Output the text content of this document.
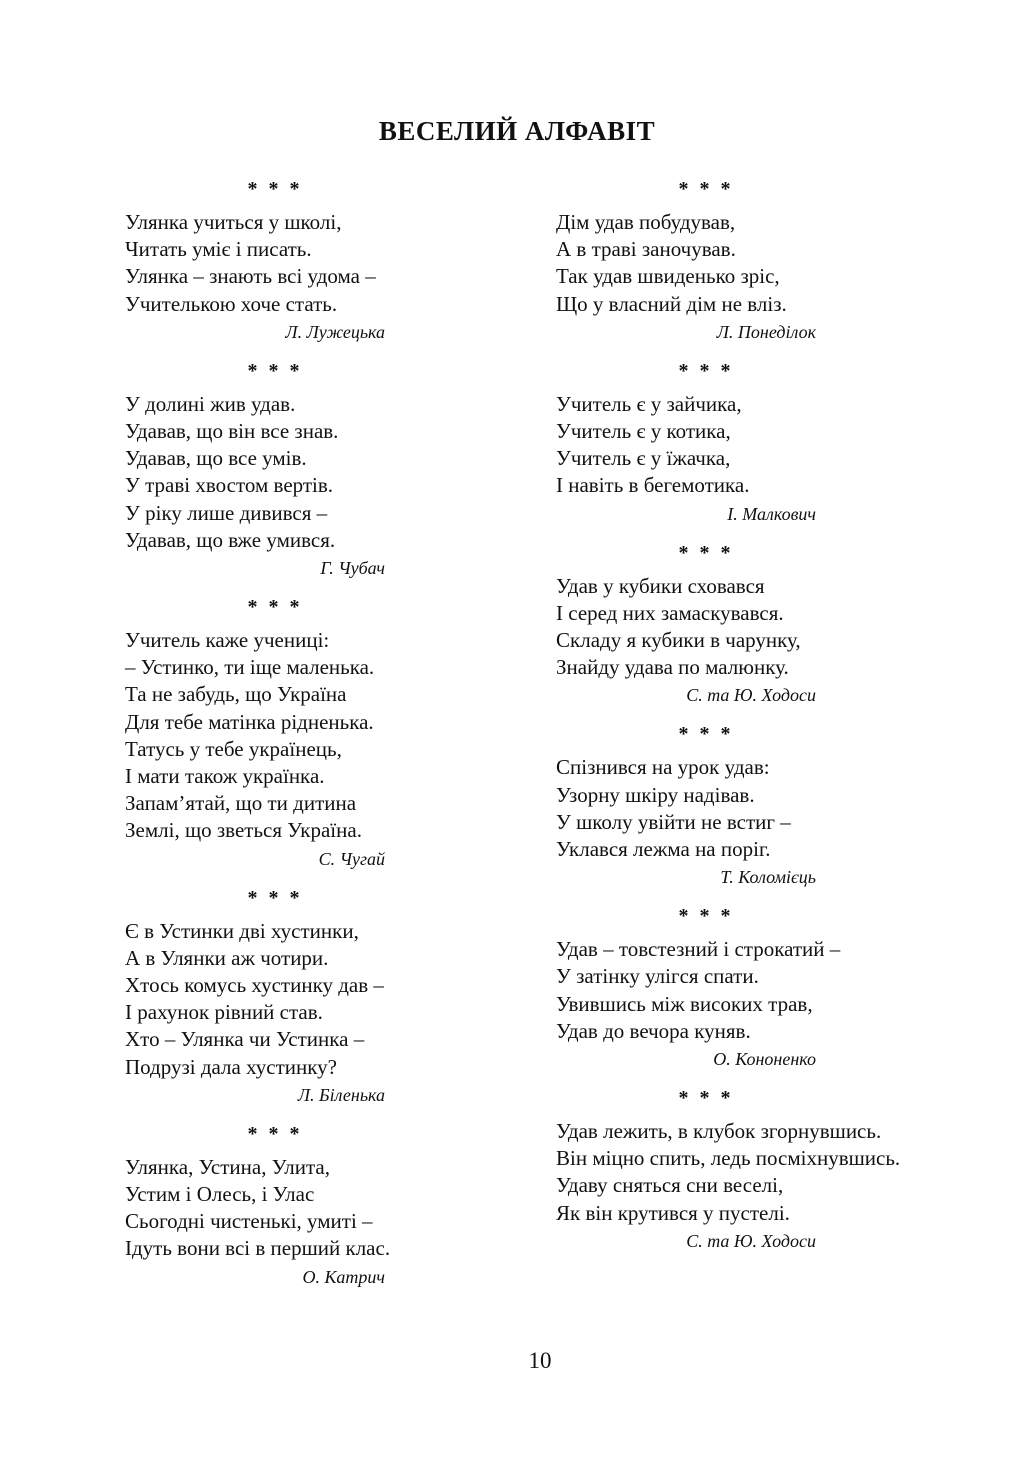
ВЕСЕЛИЙ АЛФАВІТ
* * *
Улянка учиться у школі,
Читать уміє і писать.
Улянка – знають всі удома –
Учителькою хоче стать.
Л. Лужецька
* * *
У долині жив удав.
Удавав, що він все знав.
Удавав, що все умів.
У траві хвостом вертів.
У ріку лише дивився –
Удавав, що вже умився.
Г. Чубач
* * *
Учитель каже учениці:
– Устинко, ти іще маленька.
Та не забудь, що Україна
Для тебе матінка рідненька.
Татусь у тебе українець,
І мати також українка.
Запам’ятай, що ти дитина
Землі, що зветься Україна.
С. Чугай
* * *
Є в Устинки дві хустинки,
А в Улянки аж чотири.
Хтось комусь хустинку дав –
І рахунок рівний став.
Хто – Улянка чи Устинка –
Подрузі дала хустинку?
Л. Біленька
* * *
Улянка, Устина, Улита,
Устим і Олесь, і Улас
Сьогодні чистенькі, умиті –
Ідуть вони всі в перший клас.
О. Катрич
* * *
Дім удав побудував,
А в траві заночував.
Так удав швиденько зріс,
Що у власний дім не вліз.
Л. Понеділок
* * *
Учитель є у зайчика,
Учитель є у котика,
Учитель є у їжачка,
І навіть в бегемотика.
І. Малкович
* * *
Удав у кубики сховався
І серед них замаскувався.
Складу я кубики в чарунку,
Знайду удава по малюнку.
С. та Ю. Ходоси
* * *
Спізнився на урок удав:
Узорну шкіру надівав.
У школу увійти не встиг –
Уклався лежма на поріг.
Т. Коломієць
* * *
Удав – товстезний і строкатий –
У затінку улігся спати.
Увившись між високих трав,
Удав до вечора куняв.
О. Кононенко
* * *
Удав лежить, в клубок згорнувшись.
Він міцно спить, ледь посміхнувшись.
Удаву сняться сни веселі,
Як він крутився у пустелі.
С. та Ю. Ходоси
10
